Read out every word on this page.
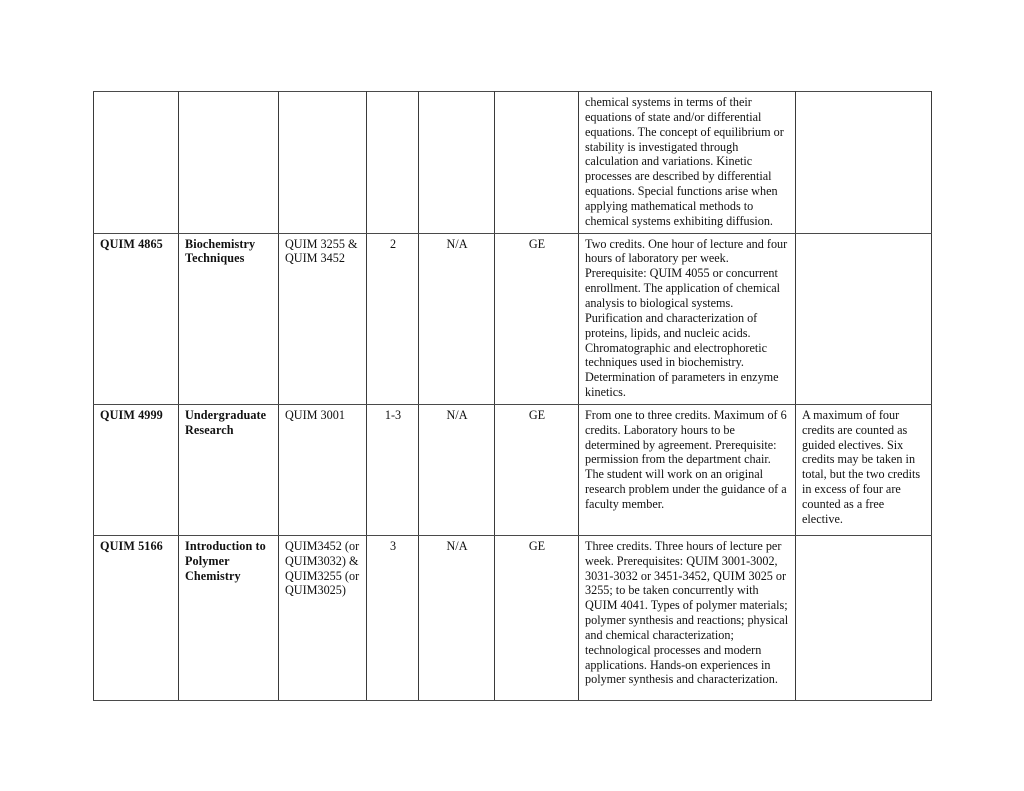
						chemical systems in terms of their equations of state and/or differential equations. The concept of equilibrium or stability is investigated through calculation and variations. Kinetic processes are described by differential equations. Special functions arise when applying mathematical methods to chemical systems exhibiting diffusion.	

QUIM 4865	Biochemistry Techniques	QUIM 3255 & QUIM 3452	2	N/A	GE	Two credits. One hour of lecture and four hours of laboratory per week. Prerequisite: QUIM 4055 or concurrent enrollment. The application of chemical analysis to biological systems. Purification and characterization of proteins, lipids, and nucleic acids. Chromatographic and electrophoretic techniques used in biochemistry. Determination of parameters in enzyme kinetics.	

QUIM 4999	Undergraduate Research	QUIM 3001	1-3	N/A	GE	From one to three credits. Maximum of 6 credits. Laboratory hours to be determined by agreement. Prerequisite: permission from the department chair. The student will work on an original research problem under the guidance of a faculty member.	A maximum of four credits are counted as guided electives. Six credits may be taken in total, but the two credits in excess of four are counted as a free elective.

QUIM 5166	Introduction to Polymer Chemistry	QUIM3452 (or QUIM3032) & QUIM3255 (or QUIM3025)	3	N/A	GE	Three credits. Three hours of lecture per week. Prerequisites: QUIM 3001-3002, 3031-3032 or 3451-3452, QUIM 3025 or 3255; to be taken concurrently with QUIM 4041. Types of polymer materials; polymer synthesis and reactions; physical and chemical characterization; technological processes and modern applications. Hands-on experiences in polymer synthesis and characterization.	
